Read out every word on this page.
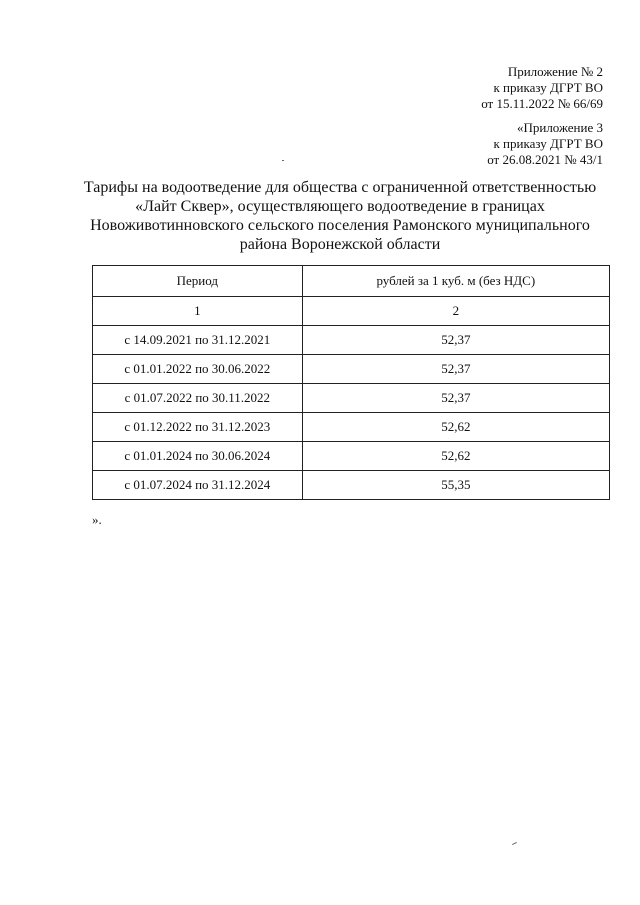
Приложение № 2
к приказу ДГРТ ВО
от 15.11.2022 № 66/69
«Приложение 3
к приказу ДГРТ ВО
от 26.08.2021 № 43/1
Тарифы на водоотведение для общества с ограниченной ответственностью
«Лайт Сквер», осуществляющего водоотведение в границах
Новоживотинновского сельского поселения Рамонского муниципального
района Воронежской области
Период	рублей за 1 куб. м (без НДС)
1	2
с 14.09.2021 по 31.12.2021	52,37
с 01.01.2022 по 30.06.2022	52,37
с 01.07.2022 по 30.11.2022	52,37
с 01.12.2022 по 31.12.2023	52,62
с 01.01.2024 по 30.06.2024	52,62
с 01.07.2024 по 31.12.2024	55,35
».
